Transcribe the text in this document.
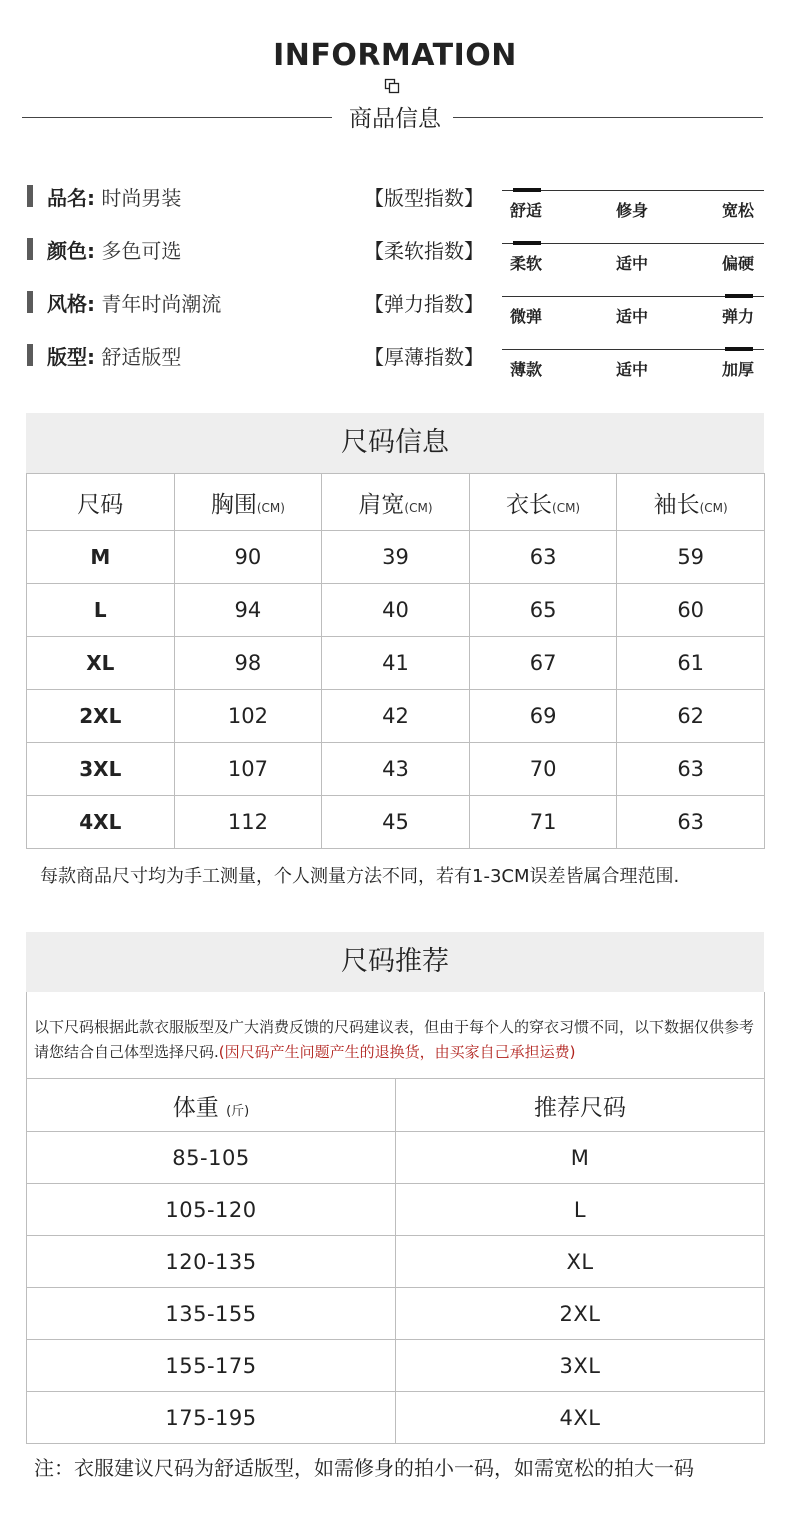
INFORMATION
商品信息
品名: 时尚男装	【版型指数】
舒适	修身	宽松
颜色: 多色可选	【柔软指数】
柔软	适中	偏硬
风格: 青年时尚潮流	【弹力指数】
微弹	适中	弹力
版型: 舒适版型	【厚薄指数】
薄款	适中	加厚
尺码信息
尺码	胸围(CM)	肩宽(CM)	衣长(CM)	袖长(CM)
M	90	39	63	59
L	94	40	65	60
XL	98	41	67	61
2XL	102	42	69	62
3XL	107	43	70	63
4XL	112	45	71	63
每款商品尺寸均为手工测量，个人测量方法不同，若有1-3CM误差皆属合理范围.
尺码推荐
以下尺码根据此款衣服版型及广大消费反馈的尺码建议表，但由于每个人的穿衣习惯不同，以下数据仅供参考请您结合自己体型选择尺码.(因尺码产生问题产生的退换货，由买家自己承担运费)
体重 (斤)	推荐尺码
85-105	M
105-120	L
120-135	XL
135-155	2XL
155-175	3XL
175-195	4XL
注：衣服建议尺码为舒适版型，如需修身的拍小一码，如需宽松的拍大一码
